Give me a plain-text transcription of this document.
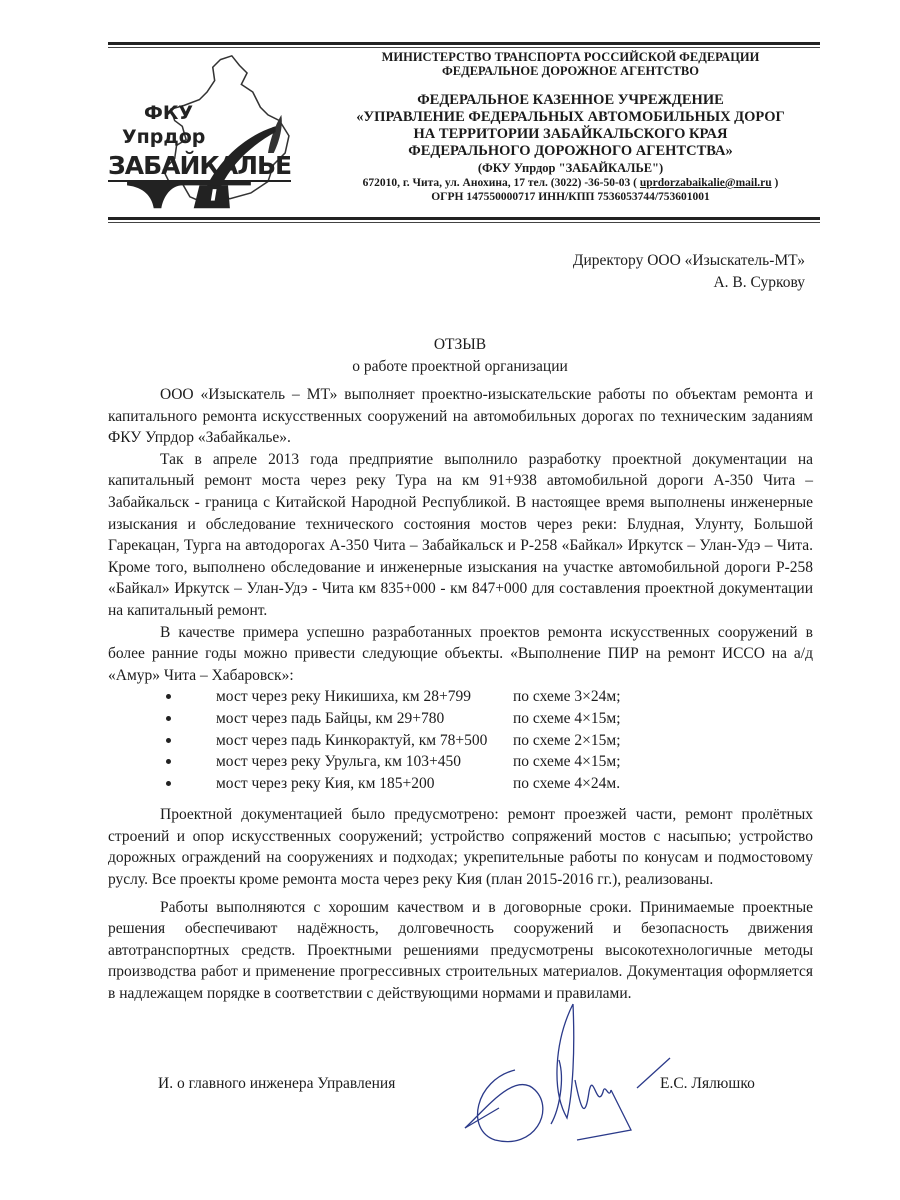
ФКУ
Упрдор
ЗАБАЙКАЛЬЕ
МИНИСТЕРСТВО ТРАНСПОРТА РОССИЙСКОЙ ФЕДЕРАЦИИ
ФЕДЕРАЛЬНОЕ ДОРОЖНОЕ АГЕНТСТВО
ФЕДЕРАЛЬНОЕ КАЗЕННОЕ УЧРЕЖДЕНИЕ
«УПРАВЛЕНИЕ ФЕДЕРАЛЬНЫХ АВТОМОБИЛЬНЫХ ДОРОГ
НА ТЕРРИТОРИИ ЗАБАЙКАЛЬСКОГО КРАЯ
ФЕДЕРАЛЬНОГО ДОРОЖНОГО АГЕНТСТВА»
(ФКУ Упрдор "ЗАБАЙКАЛЬЕ")
672010, г. Чита, ул. Анохина, 17 тел. (3022) -36-50-03 ( uprdorzabaikalie@mail.ru )
ОГРН 147550000717 ИНН/КПП 7536053744/753601001
Директору ООО «Изыскатель-МТ»
А. В. Суркову
ОТЗЫВ
о работе проектной организации

ООО «Изыскатель – МТ» выполняет проектно-изыскательские работы по объектам ремонта и капитального ремонта искусственных сооружений на автомобильных дорогах по техническим заданиям ФКУ Упрдор «Забайкалье».

Так в апреле 2013 года предприятие выполнило разработку проектной документации на капитальный ремонт моста через реку Тура на км 91+938 автомобильной дороги А-350 Чита – Забайкальск - граница с Китайской Народной Республикой. В настоящее время выполнены инженерные изыскания и обследование технического состояния мостов через реки: Блудная, Улунту, Большой Гарекацан, Турга на автодорогах А-350 Чита – Забайкальск и Р-258 «Байкал» Иркутск – Улан-Удэ – Чита. Кроме того, выполнено обследование и инженерные изыскания на участке автомобильной дороги Р-258 «Байкал» Иркутск – Улан-Удэ - Чита км 835+000 - км 847+000 для составления проектной документации на капитальный ремонт.

В качестве примера успешно разработанных проектов ремонта искусственных сооружений в более ранние годы можно привести следующие объекты. «Выполнение ПИР на ремонт ИССО на а/д «Амур» Чита – Хабаровск»:

мост через реку Никишиха, км 28+799	по схеме 3×24м;
мост через падь Байцы, км 29+780	по схеме 4×15м;
мост через падь Кинкорактуй, км 78+500	по схеме 2×15м;
мост через реку Урульга, км 103+450	по схеме 4×15м;
мост через реку Кия, км 185+200	по схеме 4×24м.

Проектной документацией было предусмотрено: ремонт проезжей части, ремонт пролётных строений и опор искусственных сооружений; устройство сопряжений мостов с насыпью; устройство дорожных ограждений на сооружениях и подходах; укрепительные работы по конусам и подмостовому руслу. Все проекты кроме ремонта моста через реку Кия (план 2015-2016 гг.), реализованы.

Работы выполняются с хорошим качеством и в договорные сроки. Принимаемые проектные решения обеспечивают надёжность, долговечность сооружений и безопасность движения автотранспортных средств. Проектными решениями предусмотрены высокотехнологичные методы производства работ и применение прогрессивных строительных материалов. Документация оформляется в надлежащем порядке в соответствии с действующими нормами и правилами.

И. о главного инженера Управления	Е.С. Лялюшко
